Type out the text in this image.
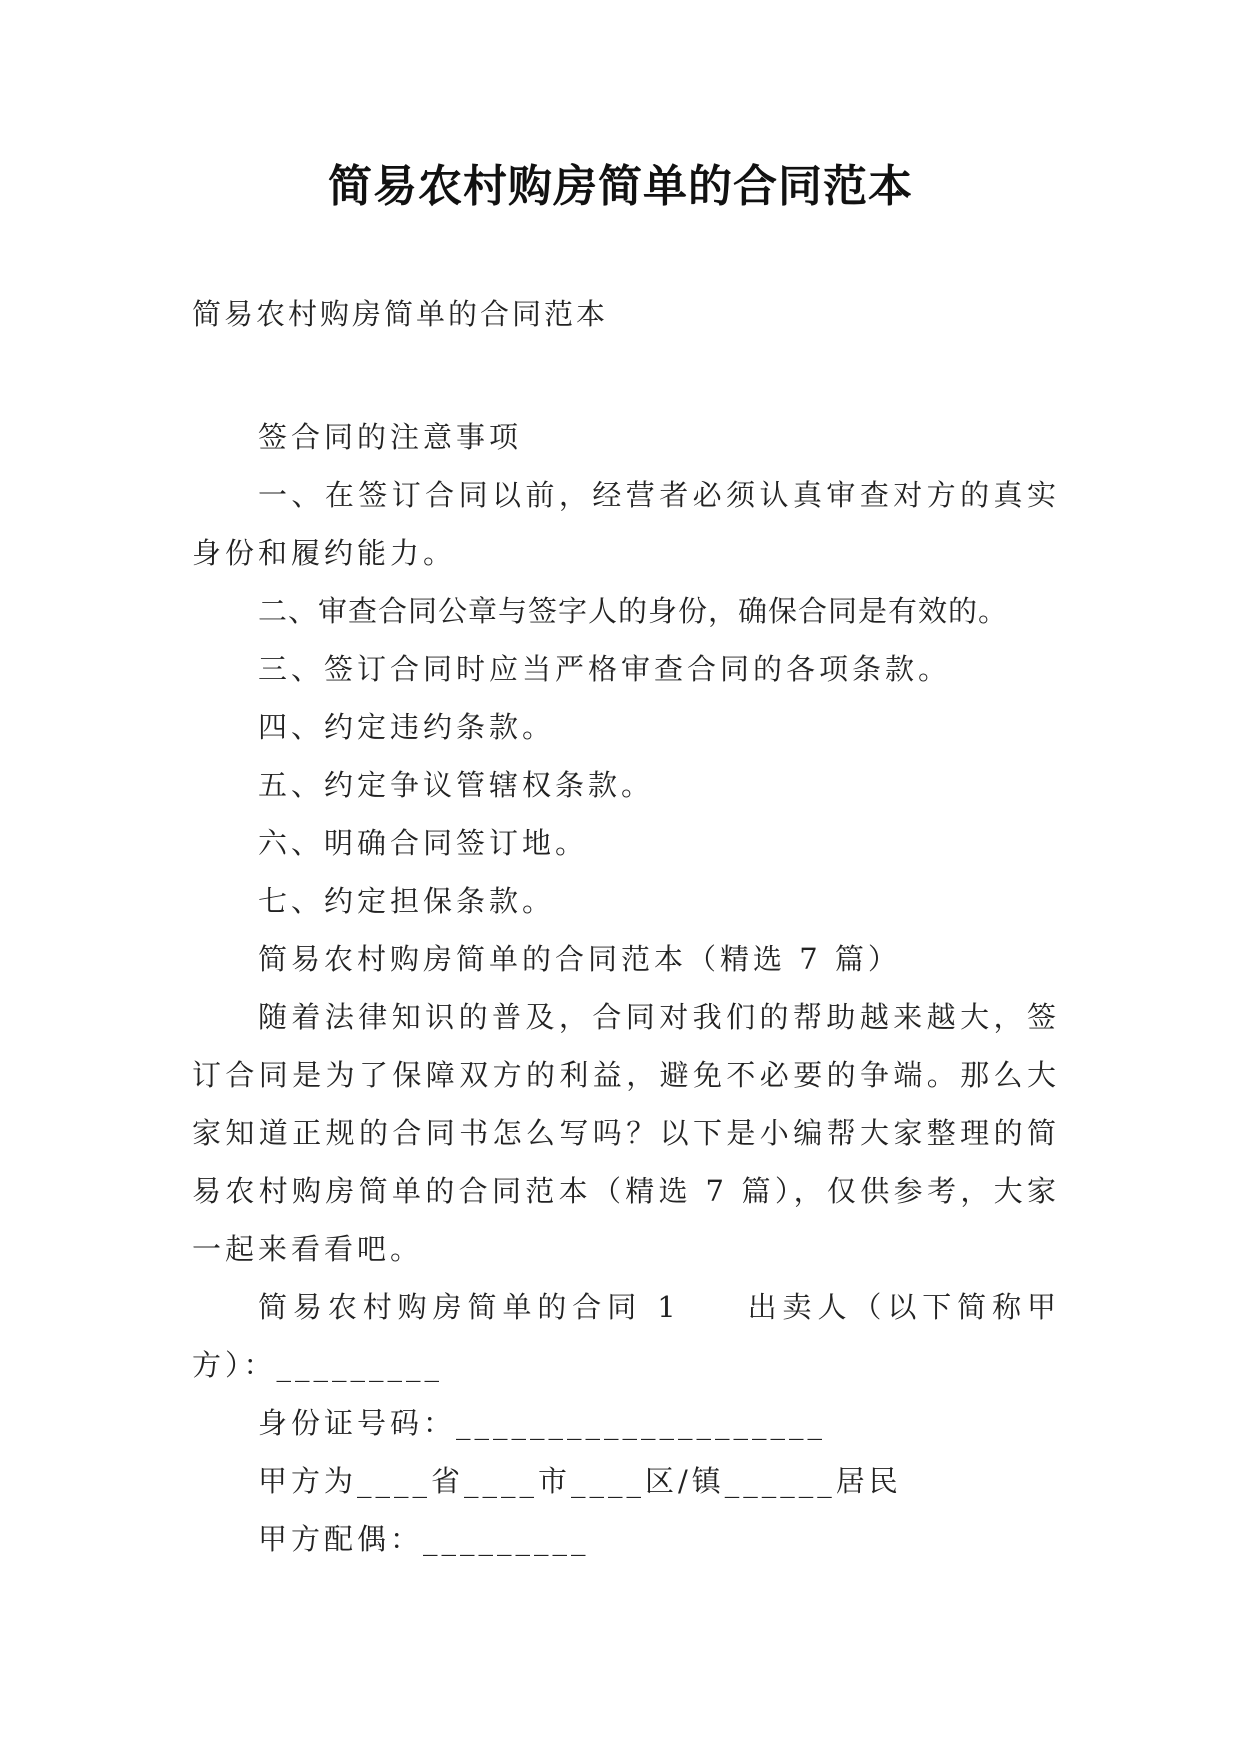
简易农村购房简单的合同范本

简易农村购房简单的合同范本

签合同的注意事项

一、在签订合同以前，经营者必须认真审查对方的真实身份和履约能力。

二、审查合同公章与签字人的身份，确保合同是有效的。

三、签订合同时应当严格审查合同的各项条款。

四、约定违约条款。

五、约定争议管辖权条款。

六、明确合同签订地。

七、约定担保条款。

简易农村购房简单的合同范本（精选 7 篇）

随着法律知识的普及，合同对我们的帮助越来越大，签订合同是为了保障双方的利益，避免不必要的争端。那么大家知道正规的合同书怎么写吗？以下是小编帮大家整理的简易农村购房简单的合同范本（精选 7 篇），仅供参考，大家一起来看看吧。

简易农村购房简单的合同 1 出卖人（以下简称甲方）：_________

身份证号码：____________________

甲方为____省____市____区/镇______居民

甲方配偶：_________
